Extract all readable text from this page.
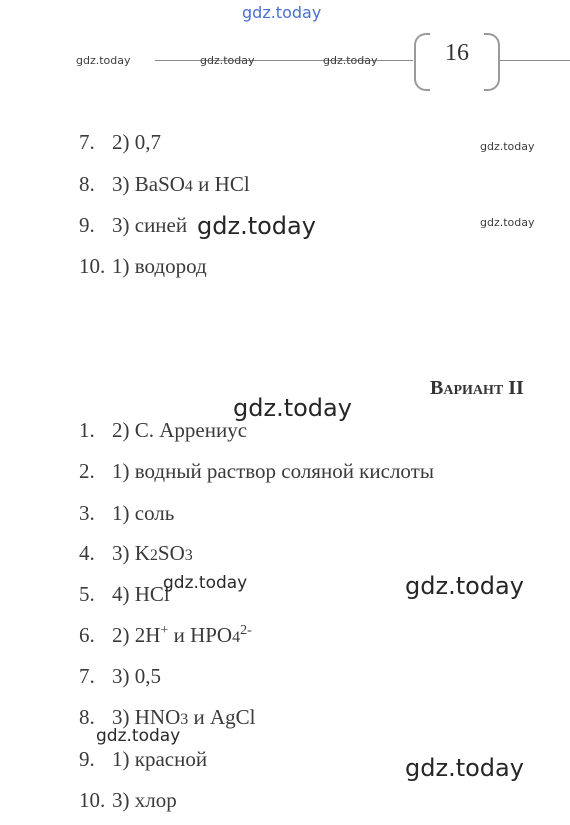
gdz.today
gdz.today	gdz.today	gdz.today	16
7. 2) 0,7
8. 3) BaSO4 и HCl
9. 3) синей
10. 1) водород
gdz.today
gdz.today	gdz.today
Вариант II
gdz.today
1. 2) С. Аррениус
2. 1) водный раствор соляной кислоты
3. 1) соль
4. 3) K2SO3
5. 4) HCl
6. 2) 2H+ и $HPO4^{2-}$
7. 3) 0,5
8. 3) HNO3 и AgCl
9. 1) красной
10. 3) хлор
gdz.today	gdz.today
gdz.today
gdz.today
